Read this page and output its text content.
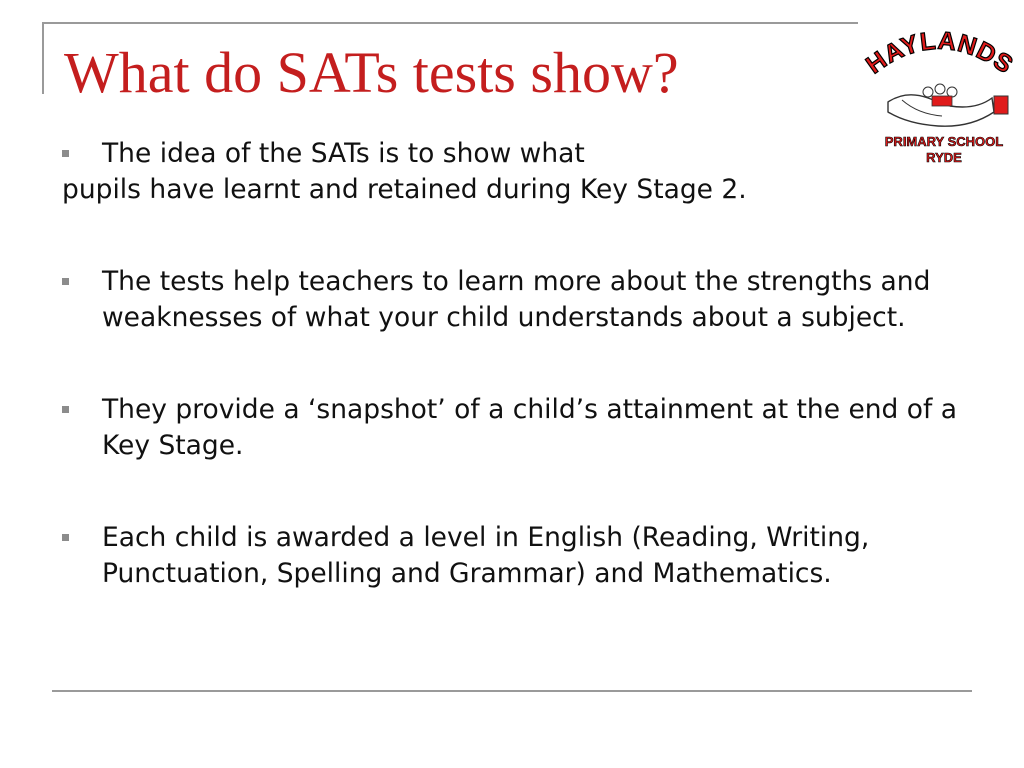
What do SATs tests show?	HAYLANDS
PRIMARY SCHOOL
RYDE
The idea of the SATs is to show what
pupils have learnt and retained during Key Stage 2.
The tests help teachers to learn more about the strengths and weaknesses of what your child understands about a subject.
They provide a ‘snapshot’ of a child’s attainment at the end of a Key Stage.
Each child is awarded a level in English (Reading, Writing, Punctuation, Spelling and Grammar) and Mathematics.
